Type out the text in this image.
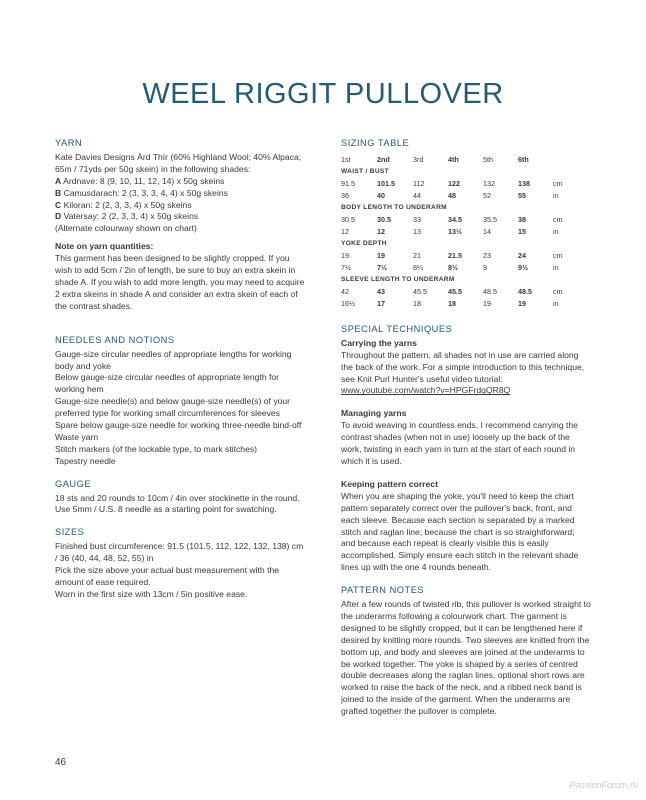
WEEL RIGGIT PULLOVER
YARN

Kate Davies Designs Àrd Thìr (60% Highland Wool; 40% Alpaca; 65m / 71yds per 50g skein) in the following shades:

A Ardnave: 8 (9, 10, 11, 12, 14) x 50g skeins

B Camusdarach: 2 (3, 3, 3, 4, 4) x 50g skeins

C Kiloran: 2 (2, 3, 3, 4) x 50g skeins

D Vatersay: 2 (2, 3, 3, 4) x 50g skeins

(Alternate colourway shown on chart)

Note on yarn quantities:

This garment has been designed to be slightly cropped. If you wish to add 5cm / 2in of length, be sure to buy an extra skein in shade A. If you wish to add more length, you may need to acquire 2 extra skeins in shade A and consider an extra skein of each of the contrast shades.

NEEDLES AND NOTIONS

Gauge-size circular needles of appropriate lengths for working body and yoke

Below gauge-size circular needles of appropriate length for working hem

Gauge-size needle(s) and below gauge-size needle(s) of your preferred type for working small circumferences for sleeves

Spare below gauge-size needle for working three-needle bind-off

Waste yarn

Stitch markers (of the lockable type, to mark stitches)

Tapestry needle

GAUGE

18 sts and 20 rounds to 10cm / 4in over stockinette in the round. Use 5mm / U.S. 8 needle as a starting point for swatching.

SIZES

Finished bust circumference: 91.5 (101.5, 112, 122, 132, 138) cm / 36 (40, 44, 48, 52, 55) in

Pick the size above your actual bust measurement with the amount of ease required.

Worn in the first size with 13cm / 5in positive ease.

SIZING TABLE
1st	2nd	3rd	4th	5th	6th	
WAIST / BUST						
91.5	101.5	112	122	132	138	cm
36	40	44	48	52	55	in
BODY LENGTH TO UNDERARM						
30.5	30.5	33	34.5	35.5	38	cm
12	12	13	13½	14	15	in
YOKE DEPTH						
19	19	21	21.5	23	24	cm
7½	7½	8¼	8½	9	9½	in
SLEEVE LENGTH TO UNDERARM						
42	43	45.5	45.5	48.5	48.5	cm
16½	17	18	18	19	19	in
SPECIAL TECHNIQUES

Carrying the yarns

Throughout the pattern, all shades not in use are carried along the back of the work. For a simple introduction to this technique, see Knit Purl Hunter's useful video tutorial:

www.youtube.com/watch?v=HPGFrdqQR8Q

Managing yarns

To avoid weaving in countless ends, I recommend carrying the contrast shades (when not in use) loosely up the back of the work, twisting in each yarn in turn at the start of each round in which it is used.

Keeping pattern correct

When you are shaping the yoke, you'll need to keep the chart pattern separately correct over the pullover's back, front, and each sleeve. Because each section is separated by a marked stitch and raglan line; because the chart is so straightforward; and because each repeat is clearly visible this is easily accomplished. Simply ensure each stitch in the relevant shade lines up with the one 4 rounds beneath.

PATTERN NOTES

After a few rounds of twisted rib, this pullover is worked straight to the underarms following a colourwork chart. The garment is designed to be slightly cropped, but it can be lengthened here if desired by knitting more rounds. Two sleeves are knitted from the bottom up, and body and sleeves are joined at the underarms to be worked together. The yoke is shaped by a series of centred double decreases along the raglan lines, optional short rows are worked to raise the back of the neck, and a ribbed neck band is joined to the inside of the garment. When the underarms are grafted together the pullover is complete.

46
PassionForum.ru
